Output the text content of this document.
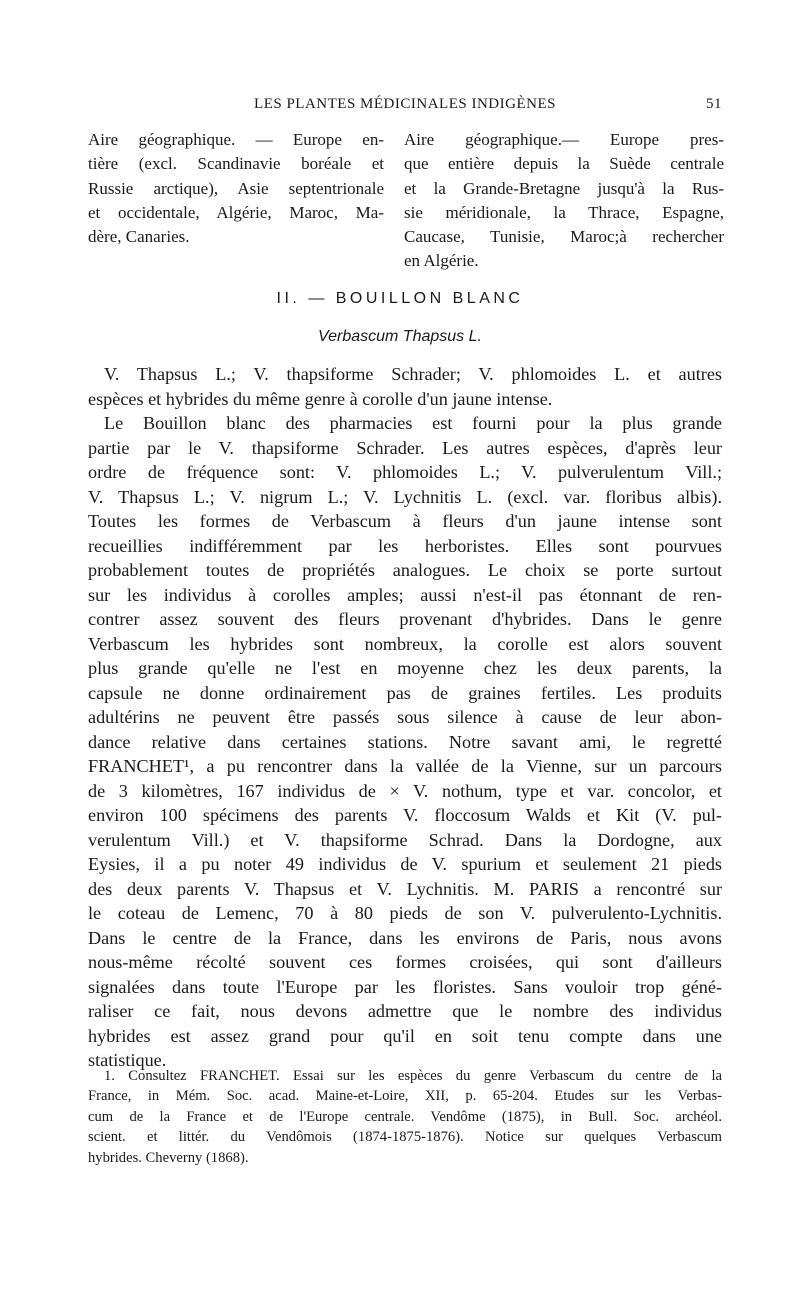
LES PLANTES MÉDICINALES INDIGÈNES	51
Aire géographique. — Europe en-
tière (excl. Scandinavie boréale et
Russie arctique), Asie septentrionale
et occidentale, Algérie, Maroc, Ma-
dère, Canaries.
Aire géographique.— Europe pres-
que entière depuis la Suède centrale
et la Grande-Bretagne jusqu'à la Rus-
sie méridionale, la Thrace, Espagne,
Caucase, Tunisie, Maroc;à rechercher
en Algérie.
II. — BOUILLON BLANC
Verbascum Thapsus L.
V. Thapsus L.; V. thapsiforme Schrader; V. phlomoides L. et autres
espèces et hybrides du même genre à corolle d'un jaune intense.
Le Bouillon blanc des pharmacies est fourni pour la plus grande
partie par le V. thapsiforme Schrader. Les autres espèces, d'après leur
ordre de fréquence sont: V. phlomoides L.; V. pulverulentum Vill.;
V. Thapsus L.; V. nigrum L.; V. Lychnitis L. (excl. var. floribus albis).
Toutes les formes de Verbascum à fleurs d'un jaune intense sont
recueillies indifféremment par les herboristes. Elles sont pourvues
probablement toutes de propriétés analogues. Le choix se porte surtout
sur les individus à corolles amples; aussi n'est-il pas étonnant de ren-
contrer assez souvent des fleurs provenant d'hybrides. Dans le genre
Verbascum les hybrides sont nombreux, la corolle est alors souvent
plus grande qu'elle ne l'est en moyenne chez les deux parents, la
capsule ne donne ordinairement pas de graines fertiles. Les produits
adultérins ne peuvent être passés sous silence à cause de leur abon-
dance relative dans certaines stations. Notre savant ami, le regretté
FRANCHET¹, a pu rencontrer dans la vallée de la Vienne, sur un parcours
de 3 kilomètres, 167 individus de × V. nothum, type et var. concolor, et
environ 100 spécimens des parents V. floccosum Walds et Kit (V. pul-
verulentum Vill.) et V. thapsiforme Schrad. Dans la Dordogne, aux
Eysies, il a pu noter 49 individus de V. spurium et seulement 21 pieds
des deux parents V. Thapsus et V. Lychnitis. M. PARIS a rencontré sur
le coteau de Lemenc, 70 à 80 pieds de son V. pulverulento-Lychnitis.
Dans le centre de la France, dans les environs de Paris, nous avons
nous-même récolté souvent ces formes croisées, qui sont d'ailleurs
signalées dans toute l'Europe par les floristes. Sans vouloir trop géné-
raliser ce fait, nous devons admettre que le nombre des individus
hybrides est assez grand pour qu'il en soit tenu compte dans une
statistique.
1. Consultez FRANCHET. Essai sur les espèces du genre Verbascum du centre de la
France, in Mém. Soc. acad. Maine-et-Loire, XII, p. 65-204. Etudes sur les Verbas-
cum de la France et de l'Europe centrale. Vendôme (1875), in Bull. Soc. archéol.
scient. et littér. du Vendômois (1874-1875-1876). Notice sur quelques Verbascum
hybrides. Cheverny (1868).
